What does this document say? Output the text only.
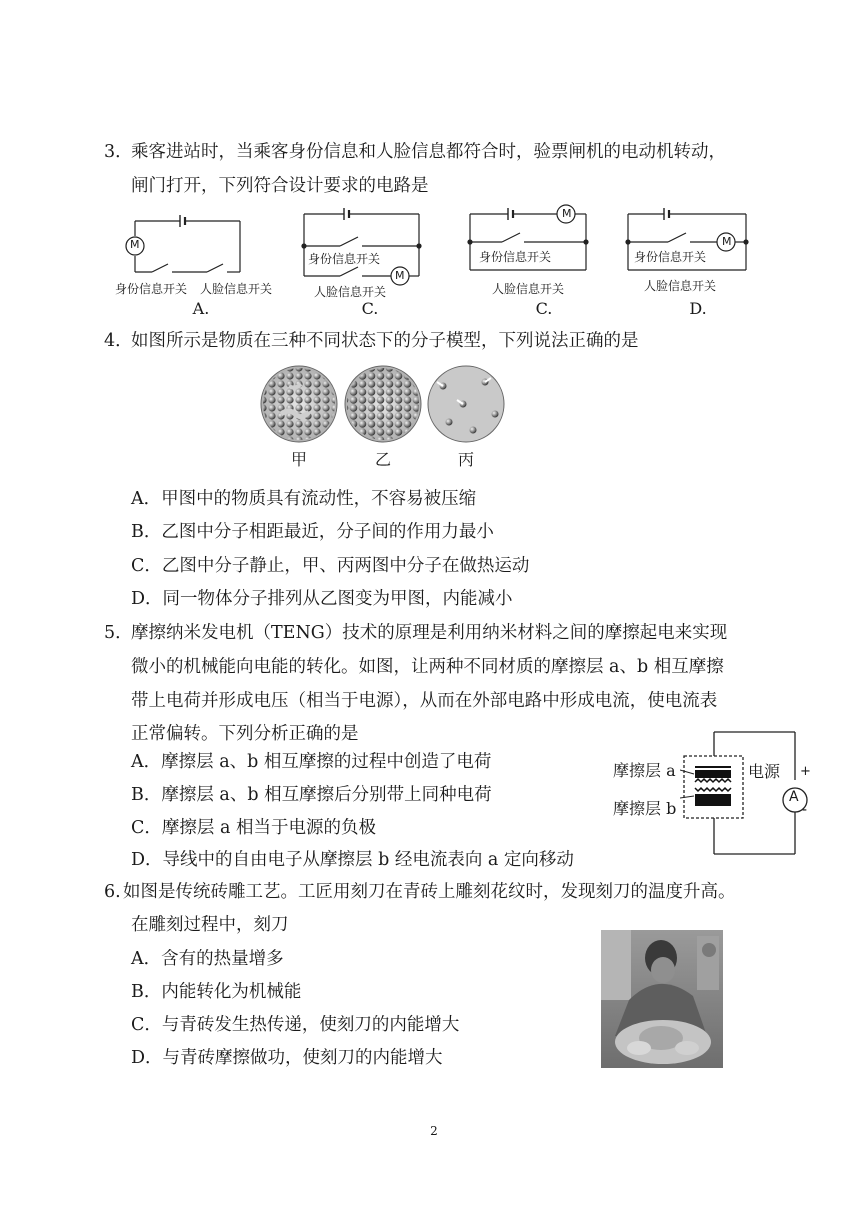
3．
乘客进站时，当乘客身份信息和人脸信息都符合时，验票闸机的电动机转动，
闸门打开，下列符合设计要求的电路是
M
身份信息开关 人脸信息开关
A.
身份信息开关
M
人脸信息开关
C.
M
身份信息开关
人脸信息开关
C.
M
身份信息开关
人脸信息开关
D.
4．
如图所示是物质在三种不同状态下的分子模型，下列说法正确的是
甲	乙	丙
A．甲图中的物质具有流动性，不容易被压缩
B．乙图中分子相距最近，分子间的作用力最小
C．乙图中分子静止，甲、丙两图中分子在做热运动
D．同一物体分子排列从乙图变为甲图，内能减小
5．
摩擦纳米发电机（TENG）技术的原理是利用纳米材料之间的摩擦起电来实现
微小的机械能向电能的转化。如图，让两种不同材质的摩擦层 a、b 相互摩擦
带上电荷并形成电压（相当于电源），从而在外部电路中形成电流，使电流表
正常偏转。下列分析正确的是
A．摩擦层 a、b 相互摩擦的过程中创造了电荷
B．摩擦层 a、b 相互摩擦后分别带上同种电荷
C．摩擦层 a 相当于电源的负极
D．导线中的自由电子从摩擦层 b 经电流表向 a 定向移动
摩擦层 a
摩擦层 b
电源
A
+
-
6. 如图是传统砖雕工艺。工匠用刻刀在青砖上雕刻花纹时，发现刻刀的温度升高。
在雕刻过程中，刻刀
A．含有的热量增多
B．内能转化为机械能
C．与青砖发生热传递，使刻刀的内能增大
D．与青砖摩擦做功，使刻刀的内能增大
2
